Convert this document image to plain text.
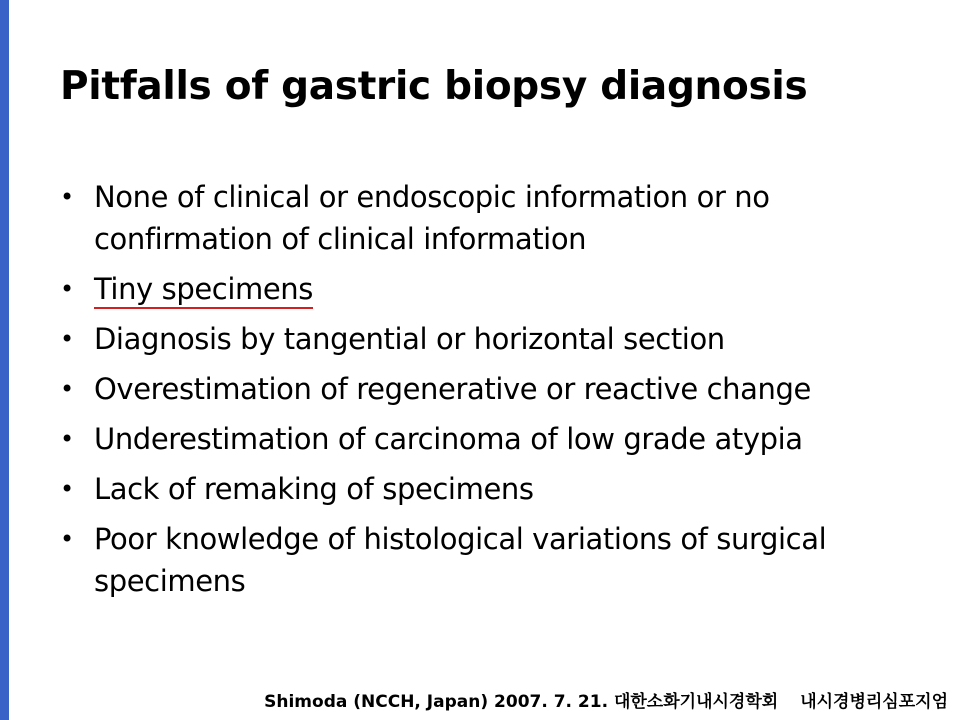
Pitfalls of gastric biopsy diagnosis
• None of clinical or endoscopic information or no confirmation of clinical information
• Tiny specimens
• Diagnosis by tangential or horizontal section
• Overestimation of regenerative or reactive change
• Underestimation of carcinoma of low grade atypia
• Lack of remaking of specimens
• Poor knowledge of histological variations of surgical specimens
Shimoda (NCCH, Japan) 2007. 7. 21. 대한소화기내시경학회 내시경병리심포지엄
